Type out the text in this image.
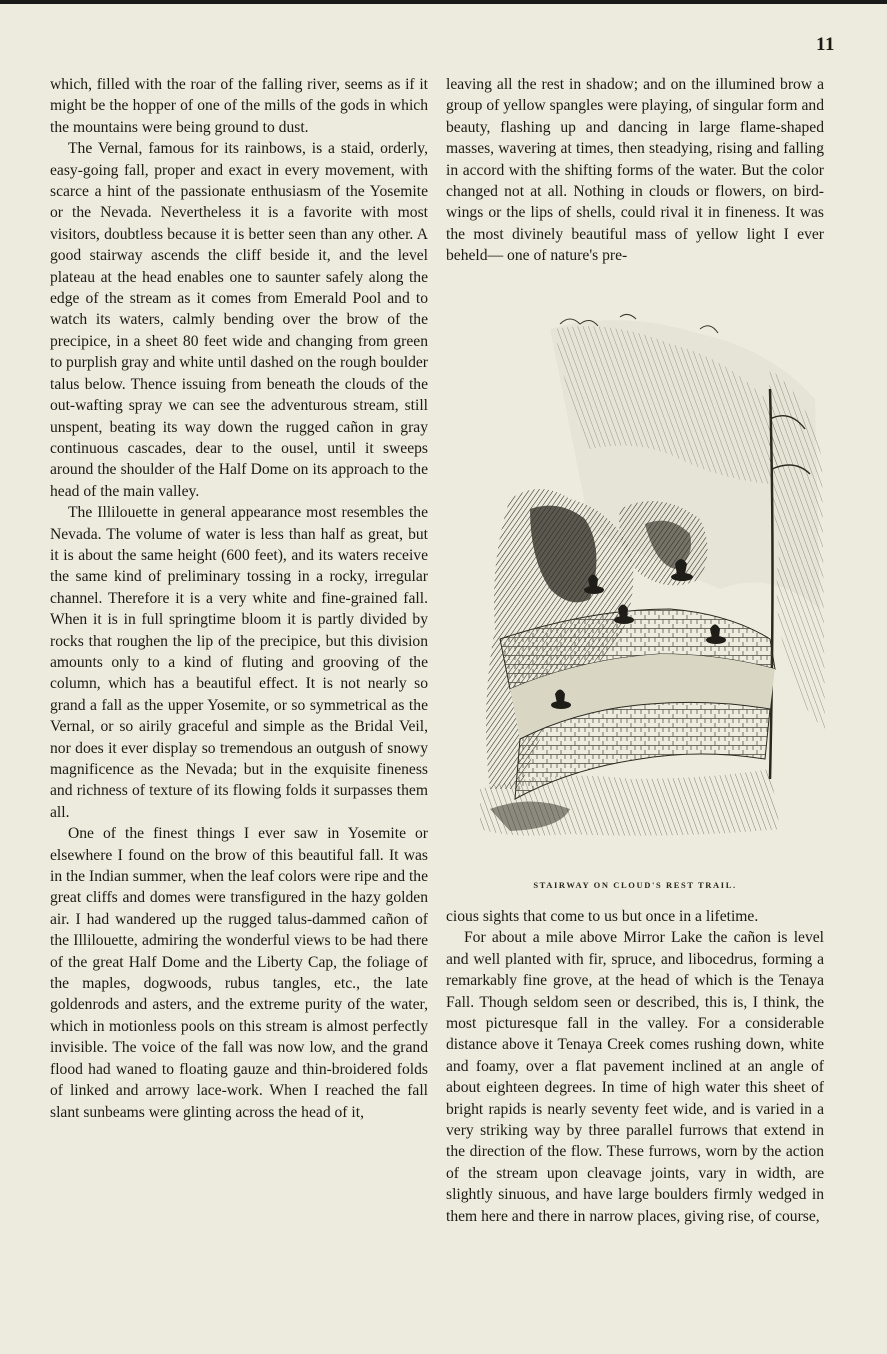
11

which, filled with the roar of the falling river, seems as if it might be the hopper of one of the mills of the gods in which the mountains were being ground to dust.

The Vernal, famous for its rainbows, is a staid, orderly, easy-going fall, proper and exact in every movement, with scarce a hint of the passionate enthusiasm of the Yosemite or the Nevada. Nevertheless it is a favorite with most visitors, doubtless because it is better seen than any other. A good stairway ascends the cliff beside it, and the level plateau at the head enables one to saunter safely along the edge of the stream as it comes from Emerald Pool and to watch its waters, calmly bending over the brow of the precipice, in a sheet 80 feet wide and changing from green to purplish gray and white until dashed on the rough boulder talus below. Thence issuing from beneath the clouds of the out-wafting spray we can see the adventurous stream, still unspent, beating its way down the rugged cañon in gray continuous cascades, dear to the ousel, until it sweeps around the shoulder of the Half Dome on its approach to the head of the main valley.

The Illilouette in general appearance most resembles the Nevada. The volume of water is less than half as great, but it is about the same height (600 feet), and its waters receive the same kind of preliminary tossing in a rocky, irregular channel. Therefore it is a very white and fine-grained fall. When it is in full springtime bloom it is partly divided by rocks that roughen the lip of the precipice, but this division amounts only to a kind of fluting and grooving of the column, which has a beautiful effect. It is not nearly so grand a fall as the upper Yosemite, or so symmetrical as the Vernal, or so airily graceful and simple as the Bridal Veil, nor does it ever display so tremendous an outgush of snowy magnificence as the Nevada; but in the exquisite fineness and richness of texture of its flowing folds it surpasses them all.

One of the finest things I ever saw in Yosemite or elsewhere I found on the brow of this beautiful fall. It was in the Indian summer, when the leaf colors were ripe and the great cliffs and domes were transfigured in the hazy golden air. I had wandered up the rugged talus-dammed cañon of the Illilouette, admiring the wonderful views to be had there of the great Half Dome and the Liberty Cap, the foliage of the maples, dogwoods, rubus tangles, etc., the late goldenrods and asters, and the extreme purity of the water, which in motionless pools on this stream is almost perfectly invisible. The voice of the fall was now low, and the grand flood had waned to floating gauze and thin-broidered folds of linked and arrowy lace-work. When I reached the fall slant sunbeams were glinting across the head of it,

leaving all the rest in shadow; and on the illumined brow a group of yellow spangles were playing, of singular form and beauty, flashing up and dancing in large flame-shaped masses, wavering at times, then steadying, rising and falling in accord with the shifting forms of the water. But the color changed not at all. Nothing in clouds or flowers, on bird-wings or the lips of shells, could rival it in fineness. It was the most divinely beautiful mass of yellow light I ever beheld— one of nature's pre-

STAIRWAY ON CLOUD'S REST TRAIL.

cious sights that come to us but once in a lifetime.

For about a mile above Mirror Lake the cañon is level and well planted with fir, spruce, and libocedrus, forming a remarkably fine grove, at the head of which is the Tenaya Fall. Though seldom seen or described, this is, I think, the most picturesque fall in the valley. For a considerable distance above it Tenaya Creek comes rushing down, white and foamy, over a flat pavement inclined at an angle of about eighteen degrees. In time of high water this sheet of bright rapids is nearly seventy feet wide, and is varied in a very striking way by three parallel furrows that extend in the direction of the flow. These furrows, worn by the action of the stream upon cleavage joints, vary in width, are slightly sinuous, and have large boulders firmly wedged in them here and there in narrow places, giving rise, of course,
